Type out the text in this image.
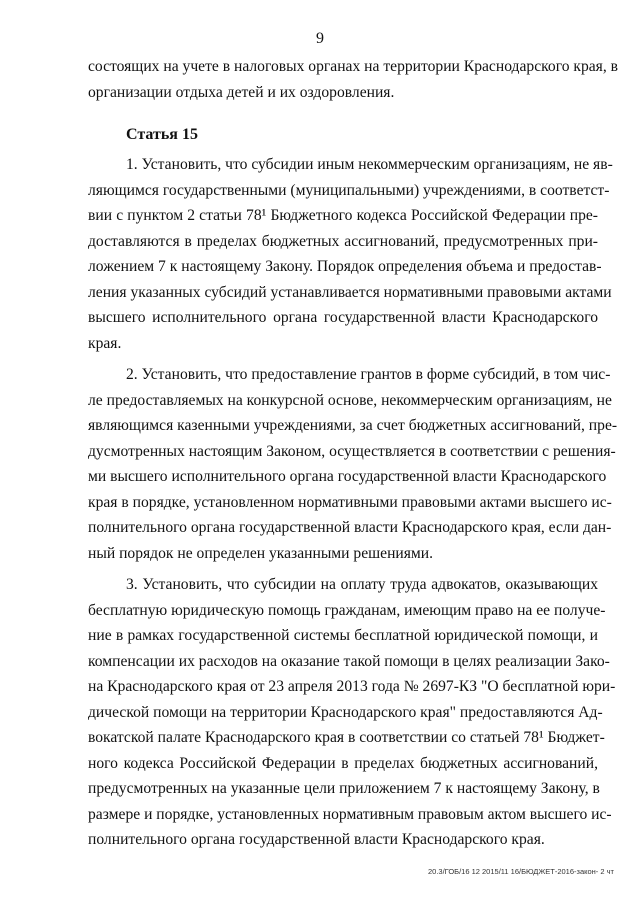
9
состоящих на учете в налоговых органах на территории Краснодарского края, в
организации отдыха детей и их оздоровления.
Статья 15
1. Установить, что субсидии иным некоммерческим организациям, не яв-
ляющимся государственными (муниципальными) учреждениями, в соответст-
вии с пунктом 2 статьи 78¹ Бюджетного кодекса Российской Федерации пре-
доставляются в пределах бюджетных ассигнований, предусмотренных при-
ложением 7 к настоящему Закону. Порядок определения объема и предостав-
ления указанных субсидий устанавливается нормативными правовыми актами
высшего исполнительного органа государственной власти Краснодарского
края.
2. Установить, что предоставление грантов в форме субсидий, в том чис-
ле предоставляемых на конкурсной основе, некоммерческим организациям, не
являющимся казенными учреждениями, за счет бюджетных ассигнований, пре-
дусмотренных настоящим Законом, осуществляется в соответствии с решения-
ми высшего исполнительного органа государственной власти Краснодарского
края в порядке, установленном нормативными правовыми актами высшего ис-
полнительного органа государственной власти Краснодарского края, если дан-
ный порядок не определен указанными решениями.
3. Установить, что субсидии на оплату труда адвокатов, оказывающих
бесплатную юридическую помощь гражданам, имеющим право на ее получе-
ние в рамках государственной системы бесплатной юридической помощи, и
компенсации их расходов на оказание такой помощи в целях реализации Зако-
на Краснодарского края от 23 апреля 2013 года № 2697-КЗ "О бесплатной юри-
дической помощи на территории Краснодарского края" предоставляются Ад-
вокатской палате Краснодарского края в соответствии со статьей 78¹ Бюджет-
ного кодекса Российской Федерации в пределах бюджетных ассигнований,
предусмотренных на указанные цели приложением 7 к настоящему Закону, в
размере и порядке, установленных нормативным правовым актом высшего ис-
полнительного органа государственной власти Краснодарского края.
20.3/ГОБ/16 12 2015/11 16/БЮДЖЕТ-2016-закон- 2 чт
